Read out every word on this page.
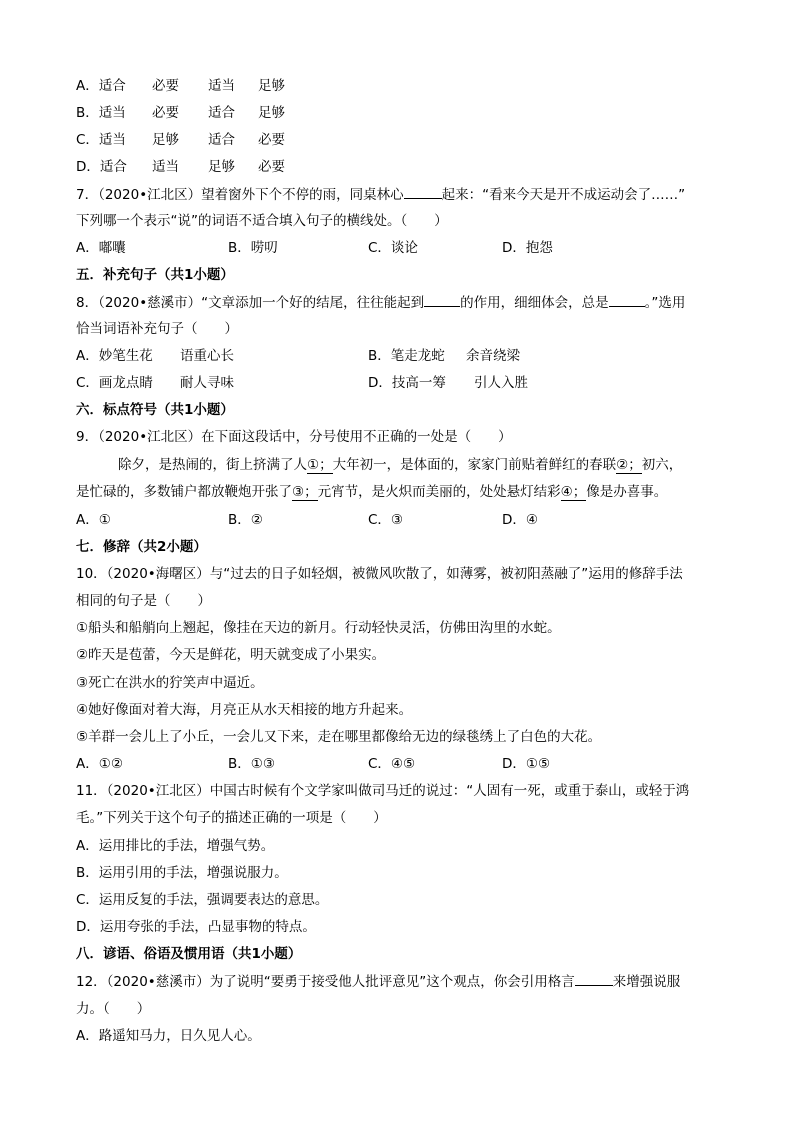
A．适合 必要 适当 足够
B．适当 必要 适合 足够
C．适当 足够 适合 必要
D．适合 适当 足够 必要
7．（2020•江北区）望着窗外下个不停的雨，同桌林心	起来：“看来今天是开不成运动会了……”
下列哪一个表示“说”的词语不适合填入句子的横线处。（　　）
A．嘟囔	B．唠叨	C．谈论	D．抱怨
五．补充句子（共1小题）
8．（2020•慈溪市）“文章添加一个好的结尾，往往能起到	的作用，细细体会，总是	。”选用
恰当词语补充句子（　　）
A．妙笔生花 语重心长	B．笔走龙蛇 余音绕梁
C．画龙点睛 耐人寻味	D．技高一筹 引人入胜
六．标点符号（共1小题）
9．（2020•江北区）在下面这段话中，分号使用不正确的一处是（　　）
除夕，是热闹的，街上挤满了人①；大年初一，是体面的，家家门前贴着鲜红的春联②；初六，
是忙碌的，多数铺户都放鞭炮开张了③；元宵节，是火炽而美丽的，处处悬灯结彩④；像是办喜事。
A．①	B．②	C．③	D．④
七．修辞（共2小题）
10．（2020•海曙区）与“过去的日子如轻烟，被微风吹散了，如薄雾，被初阳蒸融了”运用的修辞手法
相同的句子是（　　）
①船头和船艄向上翘起，像挂在天边的新月。行动轻快灵活，仿佛田沟里的水蛇。
②昨天是苞蕾，今天是鲜花，明天就变成了小果实。
③死亡在洪水的狞笑声中逼近。
④她好像面对着大海，月亮正从水天相接的地方升起来。
⑤羊群一会儿上了小丘，一会儿又下来，走在哪里都像给无边的绿毯绣上了白色的大花。
A．①②	B．①③	C．④⑤	D．①⑤
11．（2020•江北区）中国古时候有个文学家叫做司马迁的说过：“人固有一死，或重于泰山，或轻于鸿
毛。”下列关于这个句子的描述正确的一项是（　　）
A．运用排比的手法，增强气势。
B．运用引用的手法，增强说服力。
C．运用反复的手法，强调要表达的意思。
D．运用夸张的手法，凸显事物的特点。
八．谚语、俗语及惯用语（共1小题）
12．（2020•慈溪市）为了说明“要勇于接受他人批评意见”这个观点，你会引用格言	来增强说服
力。（　　）
A．路遥知马力，日久见人心。
